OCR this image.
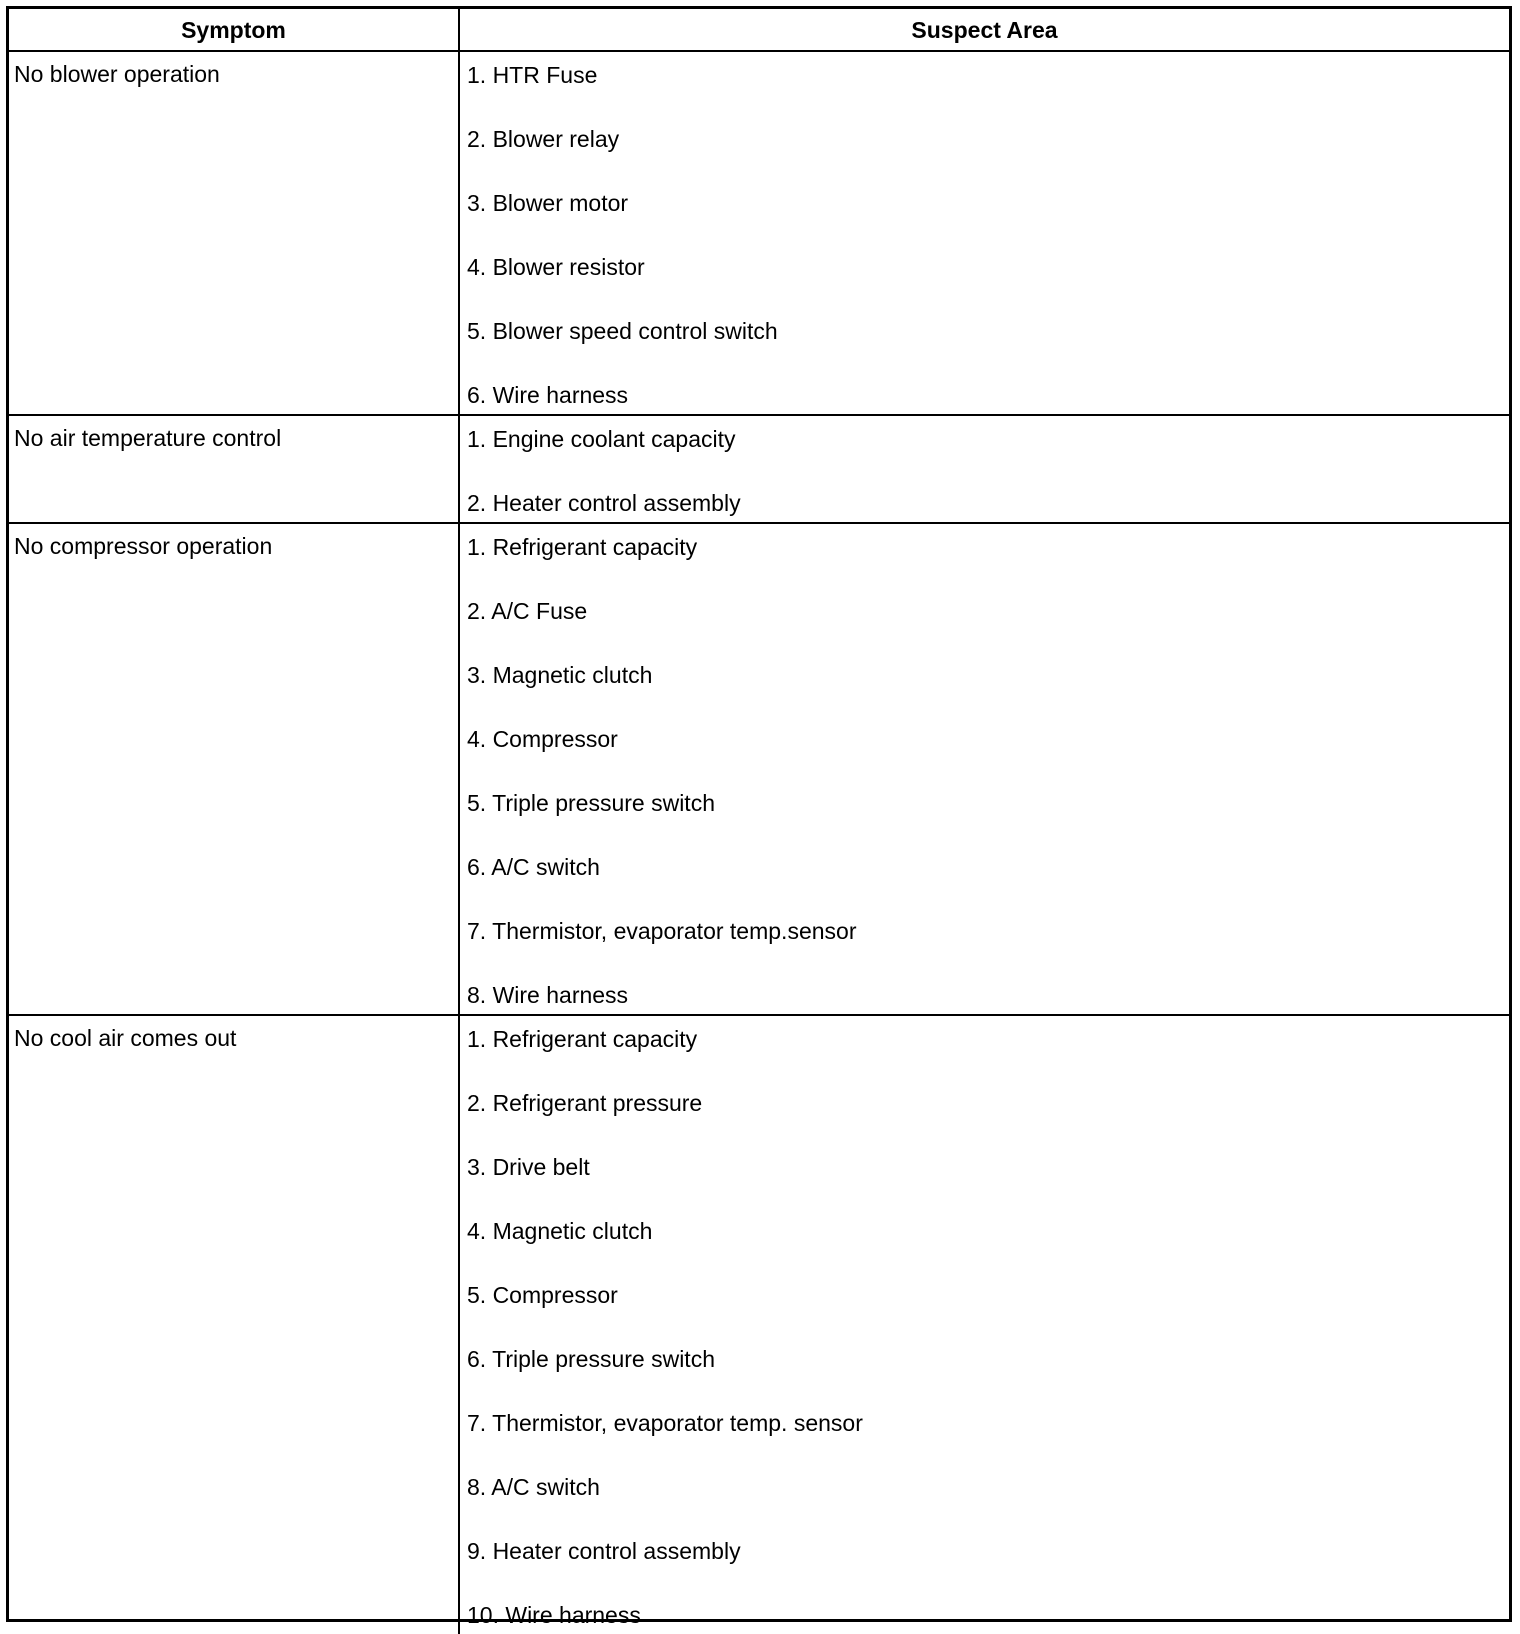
Symptom	Suspect Area
No blower operation	1. HTR Fuse
2. Blower relay
3. Blower motor
4. Blower resistor
5. Blower speed control switch
6. Wire harness
No air temperature control	1. Engine coolant capacity
2. Heater control assembly
No compressor operation	1. Refrigerant capacity
2. A/C Fuse
3. Magnetic clutch
4. Compressor
5. Triple pressure switch
6. A/C switch
7. Thermistor, evaporator temp.sensor
8. Wire harness
No cool air comes out	1. Refrigerant capacity
2. Refrigerant pressure
3. Drive belt
4. Magnetic clutch
5. Compressor
6. Triple pressure switch
7. Thermistor, evaporator temp. sensor
8. A/C switch
9. Heater control assembly
10. Wire harness
